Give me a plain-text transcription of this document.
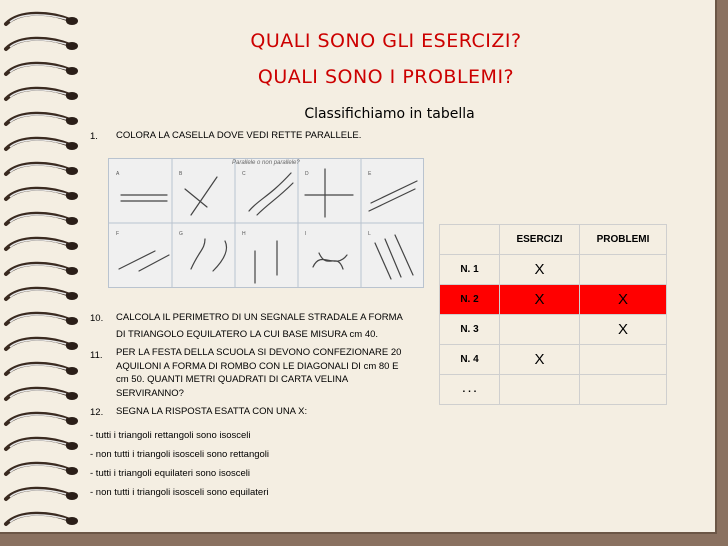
QUALI SONO GLI ESERCIZI?
QUALI SONO I PROBLEMI?
Classifichiamo in tabella
1. COLORA LA CASELLA DOVE VEDI RETTE PARALLELE.
A	B	C	D	E
F	G	H	I	L
Parallele o non parallele?
10. CALCOLA IL PERIMETRO DI UN SEGNALE STRADALE A FORMA
DI TRIANGOLO EQUILATERO LA CUI BASE MISURA cm 40.
11. PER LA FESTA DELLA SCUOLA SI DEVONO CONFEZIONARE 20
AQUILONI A FORMA DI ROMBO CON LE DIAGONALI DI cm 80 E
cm 50. QUANTI METRI QUADRATI DI CARTA VELINA
SERVIRANNO?
12. SEGNA LA RISPOSTA ESATTA CON UNA X:
- tutti i triangoli rettangoli sono isosceli
- non tutti i triangoli isosceli sono rettangoli
- tutti i triangoli equilateri sono isosceli
- non tutti i triangoli isosceli sono equilateri
	ESERCIZI	PROBLEMI
N. 1	X	
N. 2	X	X
N. 3		X
N. 4	X	
. . .		
